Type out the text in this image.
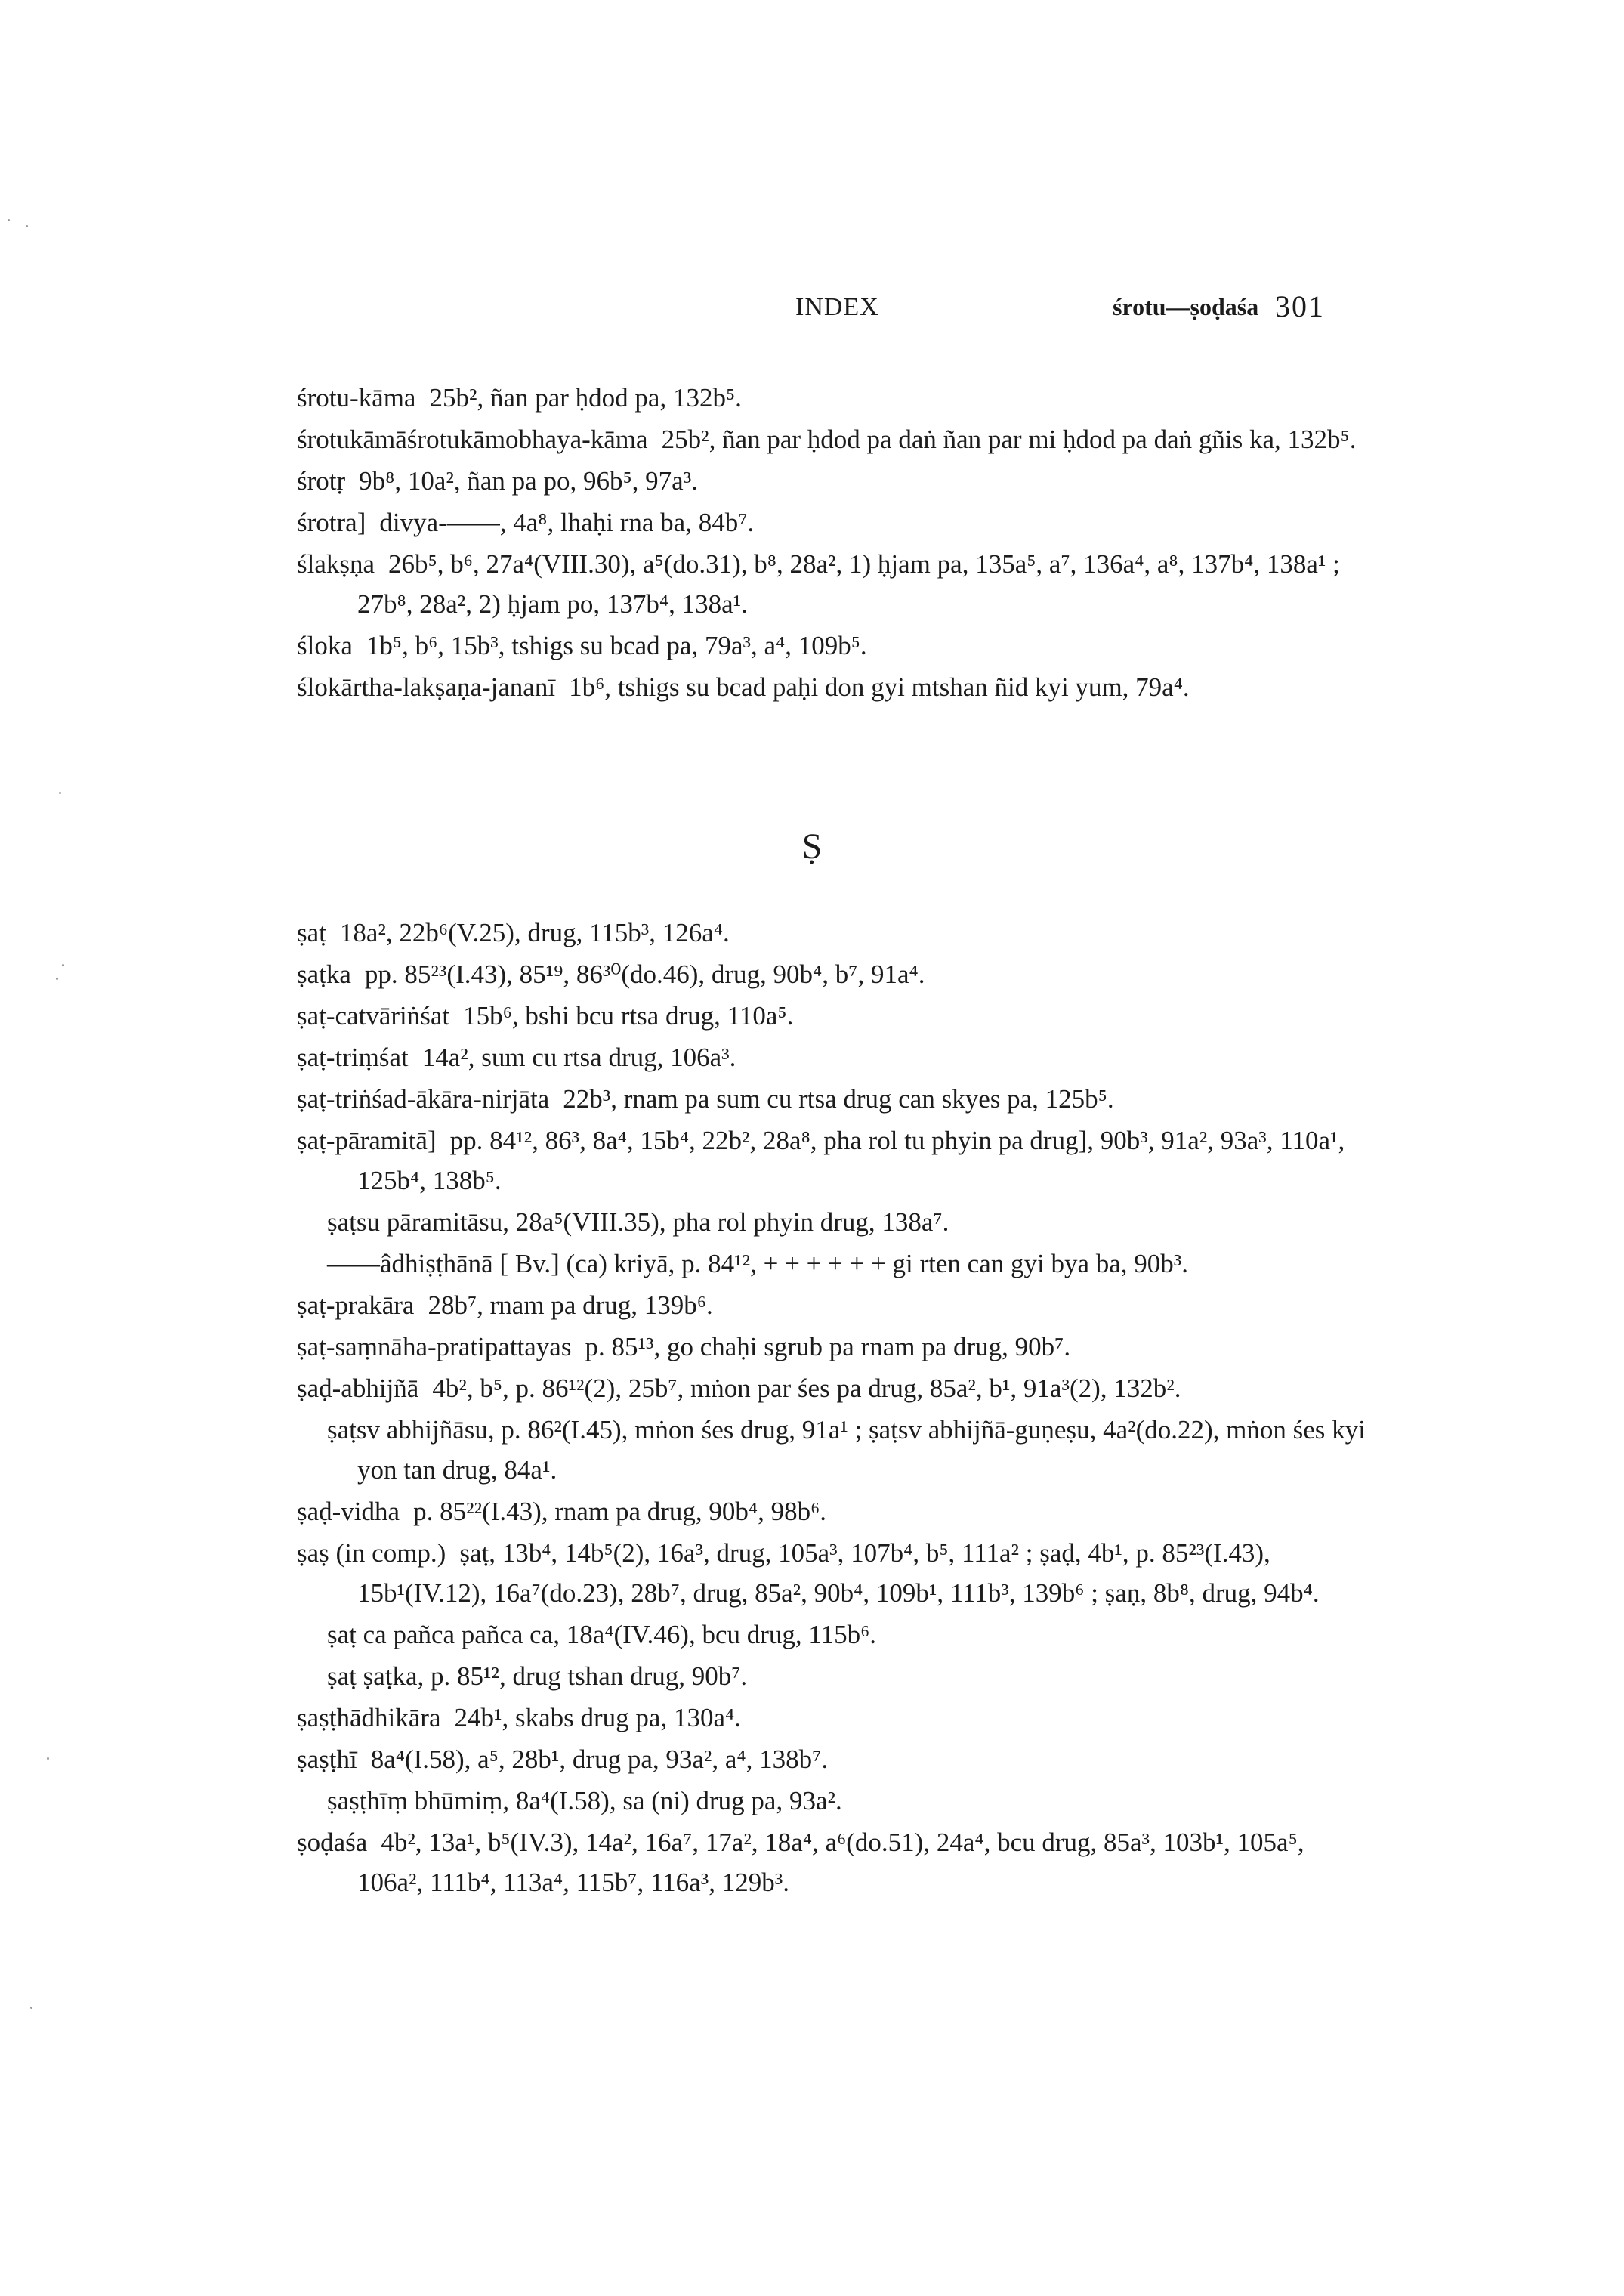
INDEX	śrotu—ṣoḍaśa 301

śrotu-kāma 25b², ñan par ḥdod pa, 132b⁵.

śrotukāmāśrotukāmobhaya-kāma 25b², ñan par ḥdod pa daṅ ñan par mi ḥdod pa daṅ gñis ka, 132b⁵.

śrotṛ 9b⁸, 10a², ñan pa po, 96b⁵, 97a³.

śrotra] divya-——, 4a⁸, lhaḥi rna ba, 84b⁷.

ślakṣṇa 26b⁵, b⁶, 27a⁴(VIII.30), a⁵(do.31), b⁸, 28a², 1) ḥjam pa, 135a⁵, a⁷, 136a⁴, a⁸, 137b⁴, 138a¹ ; 27b⁸, 28a², 2) ḥjam po, 137b⁴, 138a¹.

śloka 1b⁵, b⁶, 15b³, tshigs su bcad pa, 79a³, a⁴, 109b⁵.

ślokārtha-lakṣaṇa-jananī 1b⁶, tshigs su bcad paḥi don gyi mtshan ñid kyi yum, 79a⁴.

Ṣ

ṣaṭ 18a², 22b⁶(V.25), drug, 115b³, 126a⁴.

ṣaṭka pp. 85²³(I.43), 85¹⁹, 86³⁰(do.46), drug, 90b⁴, b⁷, 91a⁴.

ṣaṭ-catvāriṅśat 15b⁶, bshi bcu rtsa drug, 110a⁵.

ṣaṭ-triṃśat 14a², sum cu rtsa drug, 106a³.

ṣaṭ-triṅśad-ākāra-nirjāta 22b³, rnam pa sum cu rtsa drug can skyes pa, 125b⁵.

ṣaṭ-pāramitā] pp. 84¹², 86³, 8a⁴, 15b⁴, 22b², 28a⁸, pha rol tu phyin pa drug], 90b³, 91a², 93a³, 110a¹, 125b⁴, 138b⁵.

ṣaṭsu pāramitāsu, 28a⁵(VIII.35), pha rol phyin drug, 138a⁷.

——âdhiṣṭhānā [ Bv.] (ca) kriyā, p. 84¹², + + + + + + gi rten can gyi bya ba, 90b³.

ṣaṭ-prakāra 28b⁷, rnam pa drug, 139b⁶.

ṣaṭ-saṃnāha-pratipattayas p. 85¹³, go chaḥi sgrub pa rnam pa drug, 90b⁷.

ṣaḍ-abhijñā 4b², b⁵, p. 86¹²(2), 25b⁷, mṅon par śes pa drug, 85a², b¹, 91a³(2), 132b².

ṣaṭsv abhijñāsu, p. 86²(I.45), mṅon śes drug, 91a¹ ; ṣaṭsv abhijñā-guṇeṣu, 4a²(do.22), mṅon śes kyi yon tan drug, 84a¹.

ṣaḍ-vidha p. 85²²(I.43), rnam pa drug, 90b⁴, 98b⁶.

ṣaṣ (in comp.) ṣaṭ, 13b⁴, 14b⁵(2), 16a³, drug, 105a³, 107b⁴, b⁵, 111a² ; ṣaḍ, 4b¹, p. 85²³(I.43), 15b¹(IV.12), 16a⁷(do.23), 28b⁷, drug, 85a², 90b⁴, 109b¹, 111b³, 139b⁶ ; ṣaṇ, 8b⁸, drug, 94b⁴.

ṣaṭ ca pañca pañca ca, 18a⁴(IV.46), bcu drug, 115b⁶.

ṣaṭ ṣaṭka, p. 85¹², drug tshan drug, 90b⁷.

ṣaṣṭhādhikāra 24b¹, skabs drug pa, 130a⁴.

ṣaṣṭhī 8a⁴(I.58), a⁵, 28b¹, drug pa, 93a², a⁴, 138b⁷.

ṣaṣṭhīṃ bhūmiṃ, 8a⁴(I.58), sa (ni) drug pa, 93a².

ṣoḍaśa 4b², 13a¹, b⁵(IV.3), 14a², 16a⁷, 17a², 18a⁴, a⁶(do.51), 24a⁴, bcu drug, 85a³, 103b¹, 105a⁵, 106a², 111b⁴, 113a⁴, 115b⁷, 116a³, 129b³.
